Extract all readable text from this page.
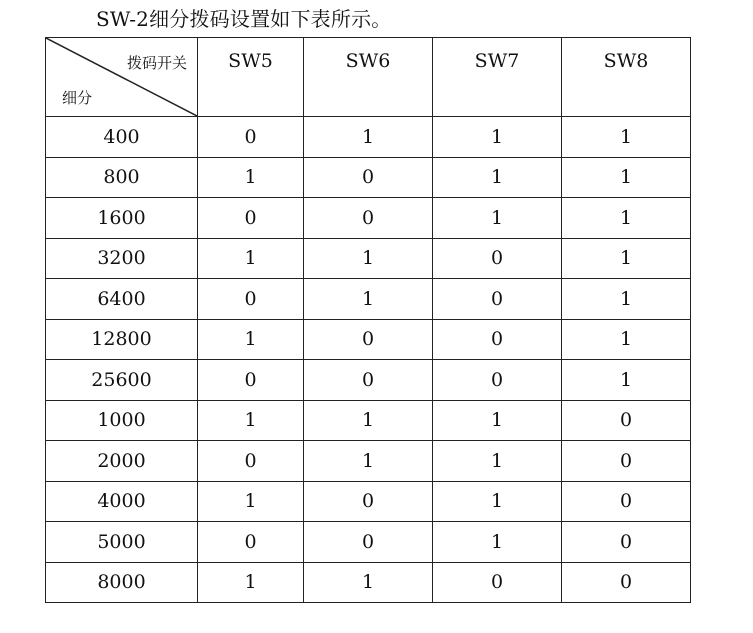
SW-2细分拨码设置如下表所示。
拨码开关
细分	SW5	SW6	SW7	SW8
400	0	1	1	1
800	1	0	1	1
1600	0	0	1	1
3200	1	1	0	1
6400	0	1	0	1
12800	1	0	0	1
25600	0	0	0	1
1000	1	1	1	0
2000	0	1	1	0
4000	1	0	1	0
5000	0	0	1	0
8000	1	1	0	0
